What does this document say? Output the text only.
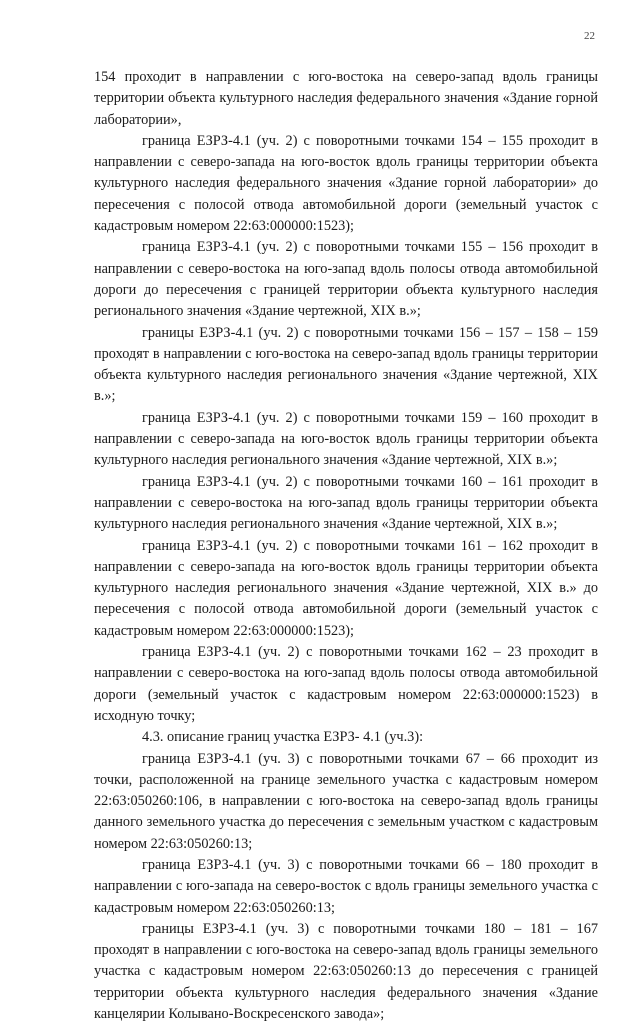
22

154 проходит в направлении с юго-востока на северо-запад вдоль границы территории объекта культурного наследия федерального значения «Здание горной лаборатории»,

граница ЕЗРЗ-4.1 (уч. 2) с поворотными точками 154 – 155 проходит в направлении с северо-запада на юго-восток вдоль границы территории объекта культурного наследия федерального значения «Здание горной лаборатории» до пересечения с полосой отвода автомобильной дороги (земельный участок с кадастровым номером 22:63:000000:1523);

граница ЕЗРЗ-4.1 (уч. 2) с поворотными точками 155 – 156 проходит в направлении с северо-востока на юго-запад вдоль полосы отвода автомобильной дороги до пересечения с границей территории объекта культурного наследия регионального значения «Здание чертежной, XIX в.»;

границы ЕЗРЗ-4.1 (уч. 2) с поворотными точками 156 – 157 – 158 – 159 проходят в направлении с юго-востока на северо-запад вдоль границы территории объекта культурного наследия регионального значения «Здание чертежной, XIX в.»;

граница ЕЗРЗ-4.1 (уч. 2) с поворотными точками 159 – 160 проходит в направлении с северо-запада на юго-восток вдоль границы территории объекта культурного наследия регионального значения «Здание чертежной, XIX в.»;

граница ЕЗРЗ-4.1 (уч. 2) с поворотными точками 160 – 161 проходит в направлении с северо-востока на юго-запад вдоль границы территории объекта культурного наследия регионального значения «Здание чертежной, XIX в.»;

граница ЕЗРЗ-4.1 (уч. 2) с поворотными точками 161 – 162 проходит в направлении с северо-запада на юго-восток вдоль границы территории объекта культурного наследия регионального значения «Здание чертежной, XIX в.» до пересечения с полосой отвода автомобильной дороги (земельный участок с кадастровым номером 22:63:000000:1523);

граница ЕЗРЗ-4.1 (уч. 2) с поворотными точками 162 – 23 проходит в направлении с северо-востока на юго-запад вдоль полосы отвода автомобильной дороги (земельный участок с кадастровым номером 22:63:000000:1523) в исходную точку;

4.3. описание границ участка ЕЗРЗ- 4.1 (уч.3):

граница ЕЗРЗ-4.1 (уч. 3) с поворотными точками 67 – 66 проходит из точки, расположенной на границе земельного участка с кадастровым номером 22:63:050260:106, в направлении с юго-востока на северо-запад вдоль границы данного земельного участка до пересечения с земельным участком с кадастровым номером 22:63:050260:13;

граница ЕЗРЗ-4.1 (уч. 3) с поворотными точками 66 – 180 проходит в направлении с юго-запада на северо-восток с вдоль границы земельного участка с кадастровым номером 22:63:050260:13;

границы ЕЗРЗ-4.1 (уч. 3) с поворотными точками 180 – 181 – 167 проходят в направлении с юго-востока на северо-запад вдоль границы земельного участка с кадастровым номером 22:63:050260:13 до пересечения с границей территории объекта культурного наследия федерального значения «Здание канцелярии Колывано-Воскресенского завода»;
